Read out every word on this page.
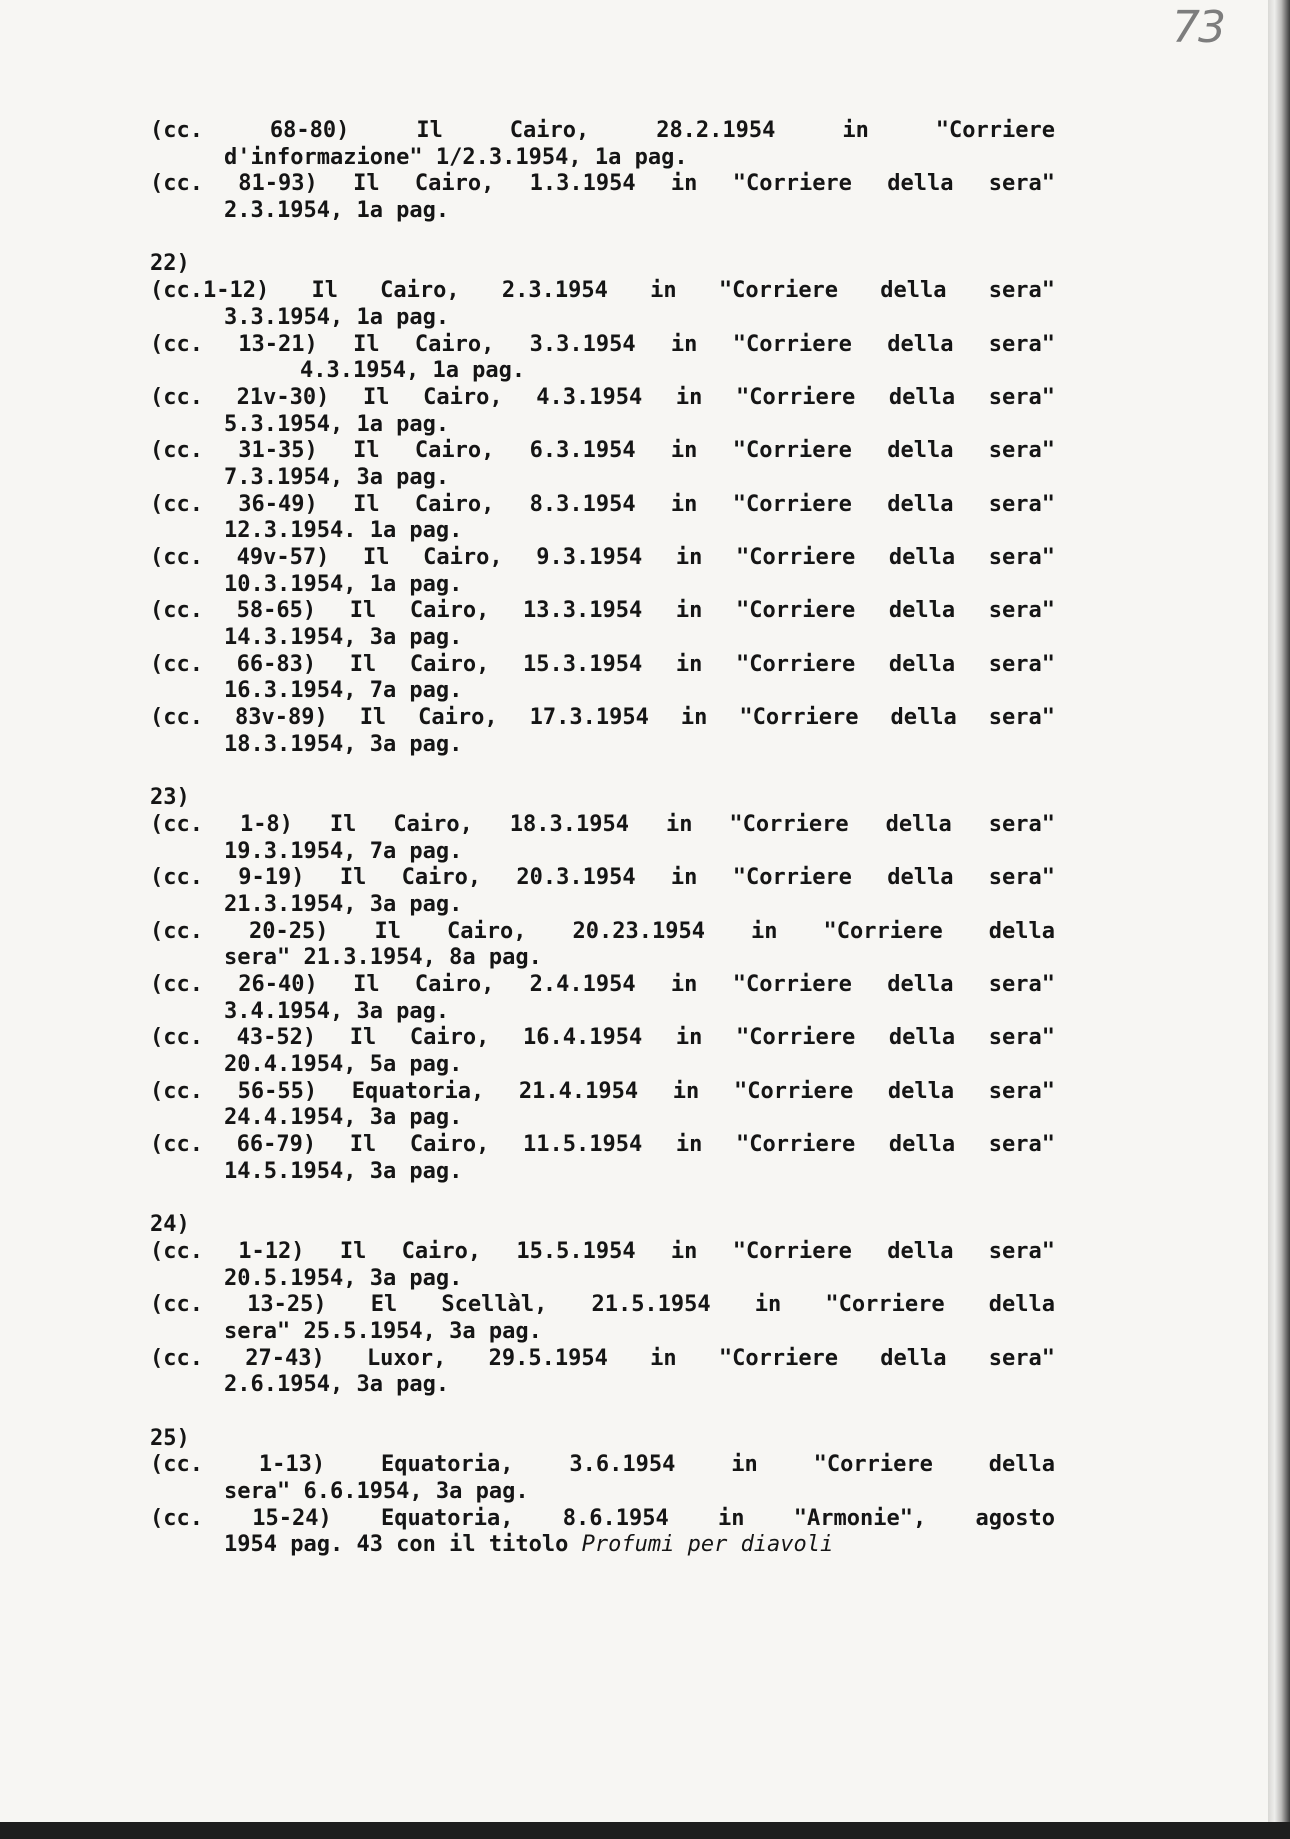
73
(cc. 68-80) Il Cairo, 28.2.1954 in "Corriere
d'informazione" 1/2.3.1954, 1a pag.
(cc. 81-93) Il Cairo, 1.3.1954 in "Corriere della sera"
2.3.1954, 1a pag.
22)
(cc.1-12) Il Cairo, 2.3.1954 in "Corriere della sera"
3.3.1954, 1a pag.
(cc. 13-21) Il Cairo, 3.3.1954 in "Corriere della sera"
4.3.1954, 1a pag.
(cc. 21v-30) Il Cairo, 4.3.1954 in "Corriere della sera"
5.3.1954, 1a pag.
(cc. 31-35) Il Cairo, 6.3.1954 in "Corriere della sera"
7.3.1954, 3a pag.
(cc. 36-49) Il Cairo, 8.3.1954 in "Corriere della sera"
12.3.1954. 1a pag.
(cc. 49v-57) Il Cairo, 9.3.1954 in "Corriere della sera"
10.3.1954, 1a pag.
(cc. 58-65) Il Cairo, 13.3.1954 in "Corriere della sera"
14.3.1954, 3a pag.
(cc. 66-83) Il Cairo, 15.3.1954 in "Corriere della sera"
16.3.1954, 7a pag.
(cc. 83v-89) Il Cairo, 17.3.1954 in "Corriere della sera"
18.3.1954, 3a pag.
23)
(cc. 1-8) Il Cairo, 18.3.1954 in "Corriere della sera"
19.3.1954, 7a pag.
(cc. 9-19) Il Cairo, 20.3.1954 in "Corriere della sera"
21.3.1954, 3a pag.
(cc. 20-25) Il Cairo, 20.23.1954 in "Corriere della
sera" 21.3.1954, 8a pag.
(cc. 26-40) Il Cairo, 2.4.1954 in "Corriere della sera"
3.4.1954, 3a pag.
(cc. 43-52) Il Cairo, 16.4.1954 in "Corriere della sera"
20.4.1954, 5a pag.
(cc. 56-55) Equatoria, 21.4.1954 in "Corriere della sera"
24.4.1954, 3a pag.
(cc. 66-79) Il Cairo, 11.5.1954 in "Corriere della sera"
14.5.1954, 3a pag.
24)
(cc. 1-12) Il Cairo, 15.5.1954 in "Corriere della sera"
20.5.1954, 3a pag.
(cc. 13-25) El Scellàl, 21.5.1954 in "Corriere della
sera" 25.5.1954, 3a pag.
(cc. 27-43) Luxor, 29.5.1954 in "Corriere della sera"
2.6.1954, 3a pag.
25)
(cc. 1-13) Equatoria, 3.6.1954 in "Corriere della
sera" 6.6.1954, 3a pag.
(cc. 15-24) Equatoria, 8.6.1954 in "Armonie", agosto
1954 pag. 43 con il titolo Profumi per diavoli
